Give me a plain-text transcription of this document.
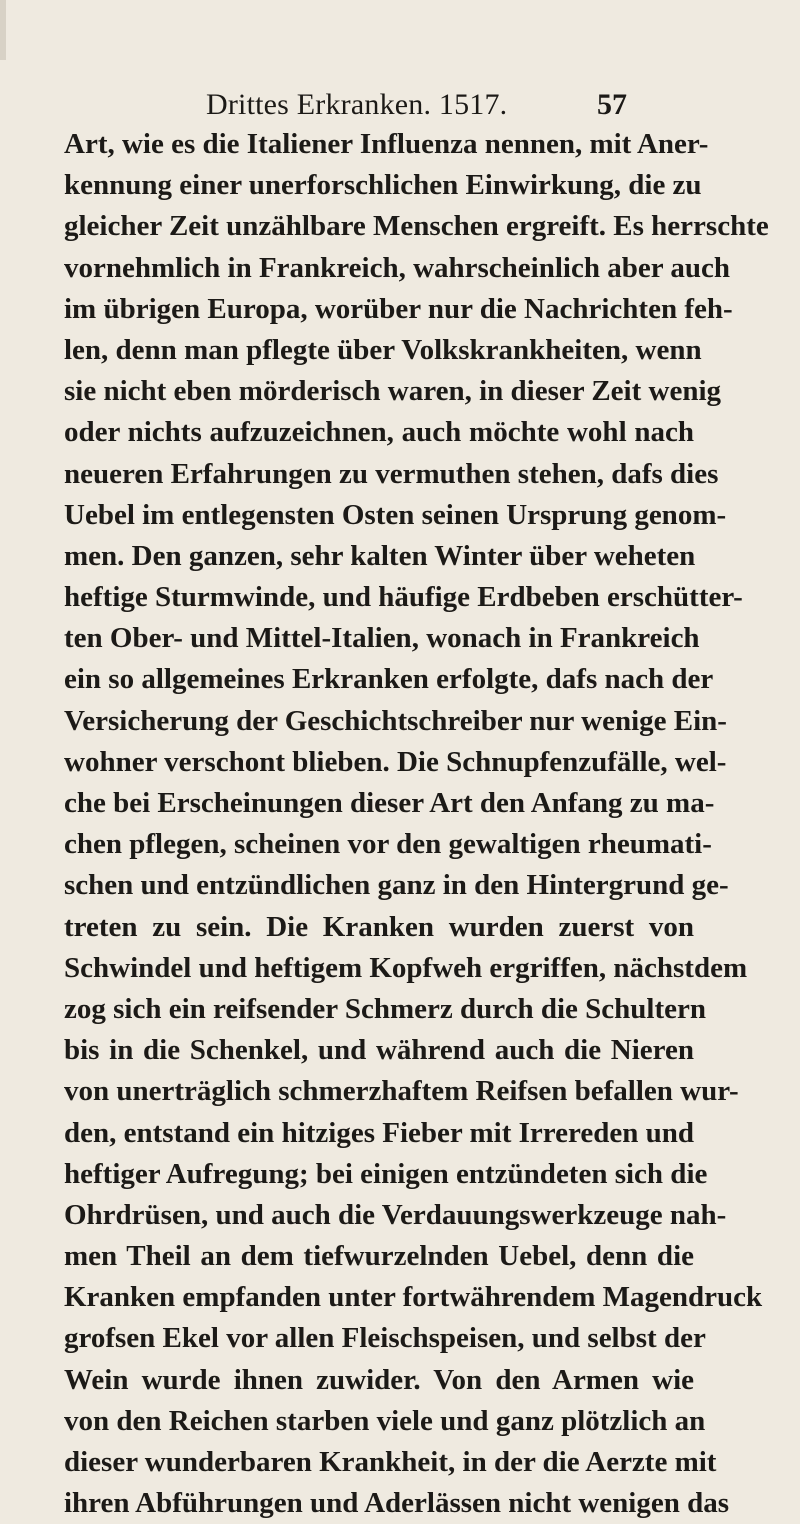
Drittes Erkranken. 1517.	57
Art, wie es die Italiener Influenza nennen, mit Aner-
kennung einer unerforschlichen Einwirkung, die zu
gleicher Zeit unzählbare Menschen ergreift. Es herrschte
vornehmlich in Frankreich, wahrscheinlich aber auch
im übrigen Europa, worüber nur die Nachrichten feh-
len, denn man pflegte über Volkskrankheiten, wenn
sie nicht eben mörderisch waren, in dieser Zeit wenig
oder nichts aufzuzeichnen, auch möchte wohl nach
neueren Erfahrungen zu vermuthen stehen, dafs dies
Uebel im entlegensten Osten seinen Ursprung genom-
men. Den ganzen, sehr kalten Winter über weheten
heftige Sturmwinde, und häufige Erdbeben erschütter-
ten Ober- und Mittel-Italien, wonach in Frankreich
ein so allgemeines Erkranken erfolgte, dafs nach der
Versicherung der Geschichtschreiber nur wenige Ein-
wohner verschont blieben. Die Schnupfenzufälle, wel-
che bei Erscheinungen dieser Art den Anfang zu ma-
chen pflegen, scheinen vor den gewaltigen rheumati-
schen und entzündlichen ganz in den Hintergrund ge-
treten zu sein. Die Kranken wurden zuerst von
Schwindel und heftigem Kopfweh ergriffen, nächstdem
zog sich ein reifsender Schmerz durch die Schultern
bis in die Schenkel, und während auch die Nieren
von unerträglich schmerzhaftem Reifsen befallen wur-
den, entstand ein hitziges Fieber mit Irrereden und
heftiger Aufregung; bei einigen entzündeten sich die
Ohrdrüsen, und auch die Verdauungswerkzeuge nah-
men Theil an dem tiefwurzelnden Uebel, denn die
Kranken empfanden unter fortwährendem Magendruck
grofsen Ekel vor allen Fleischspeisen, und selbst der
Wein wurde ihnen zuwider. Von den Armen wie
von den Reichen starben viele und ganz plötzlich an
dieser wunderbaren Krankheit, in der die Aerzte mit
ihren Abführungen und Aderlässen nicht wenigen das
